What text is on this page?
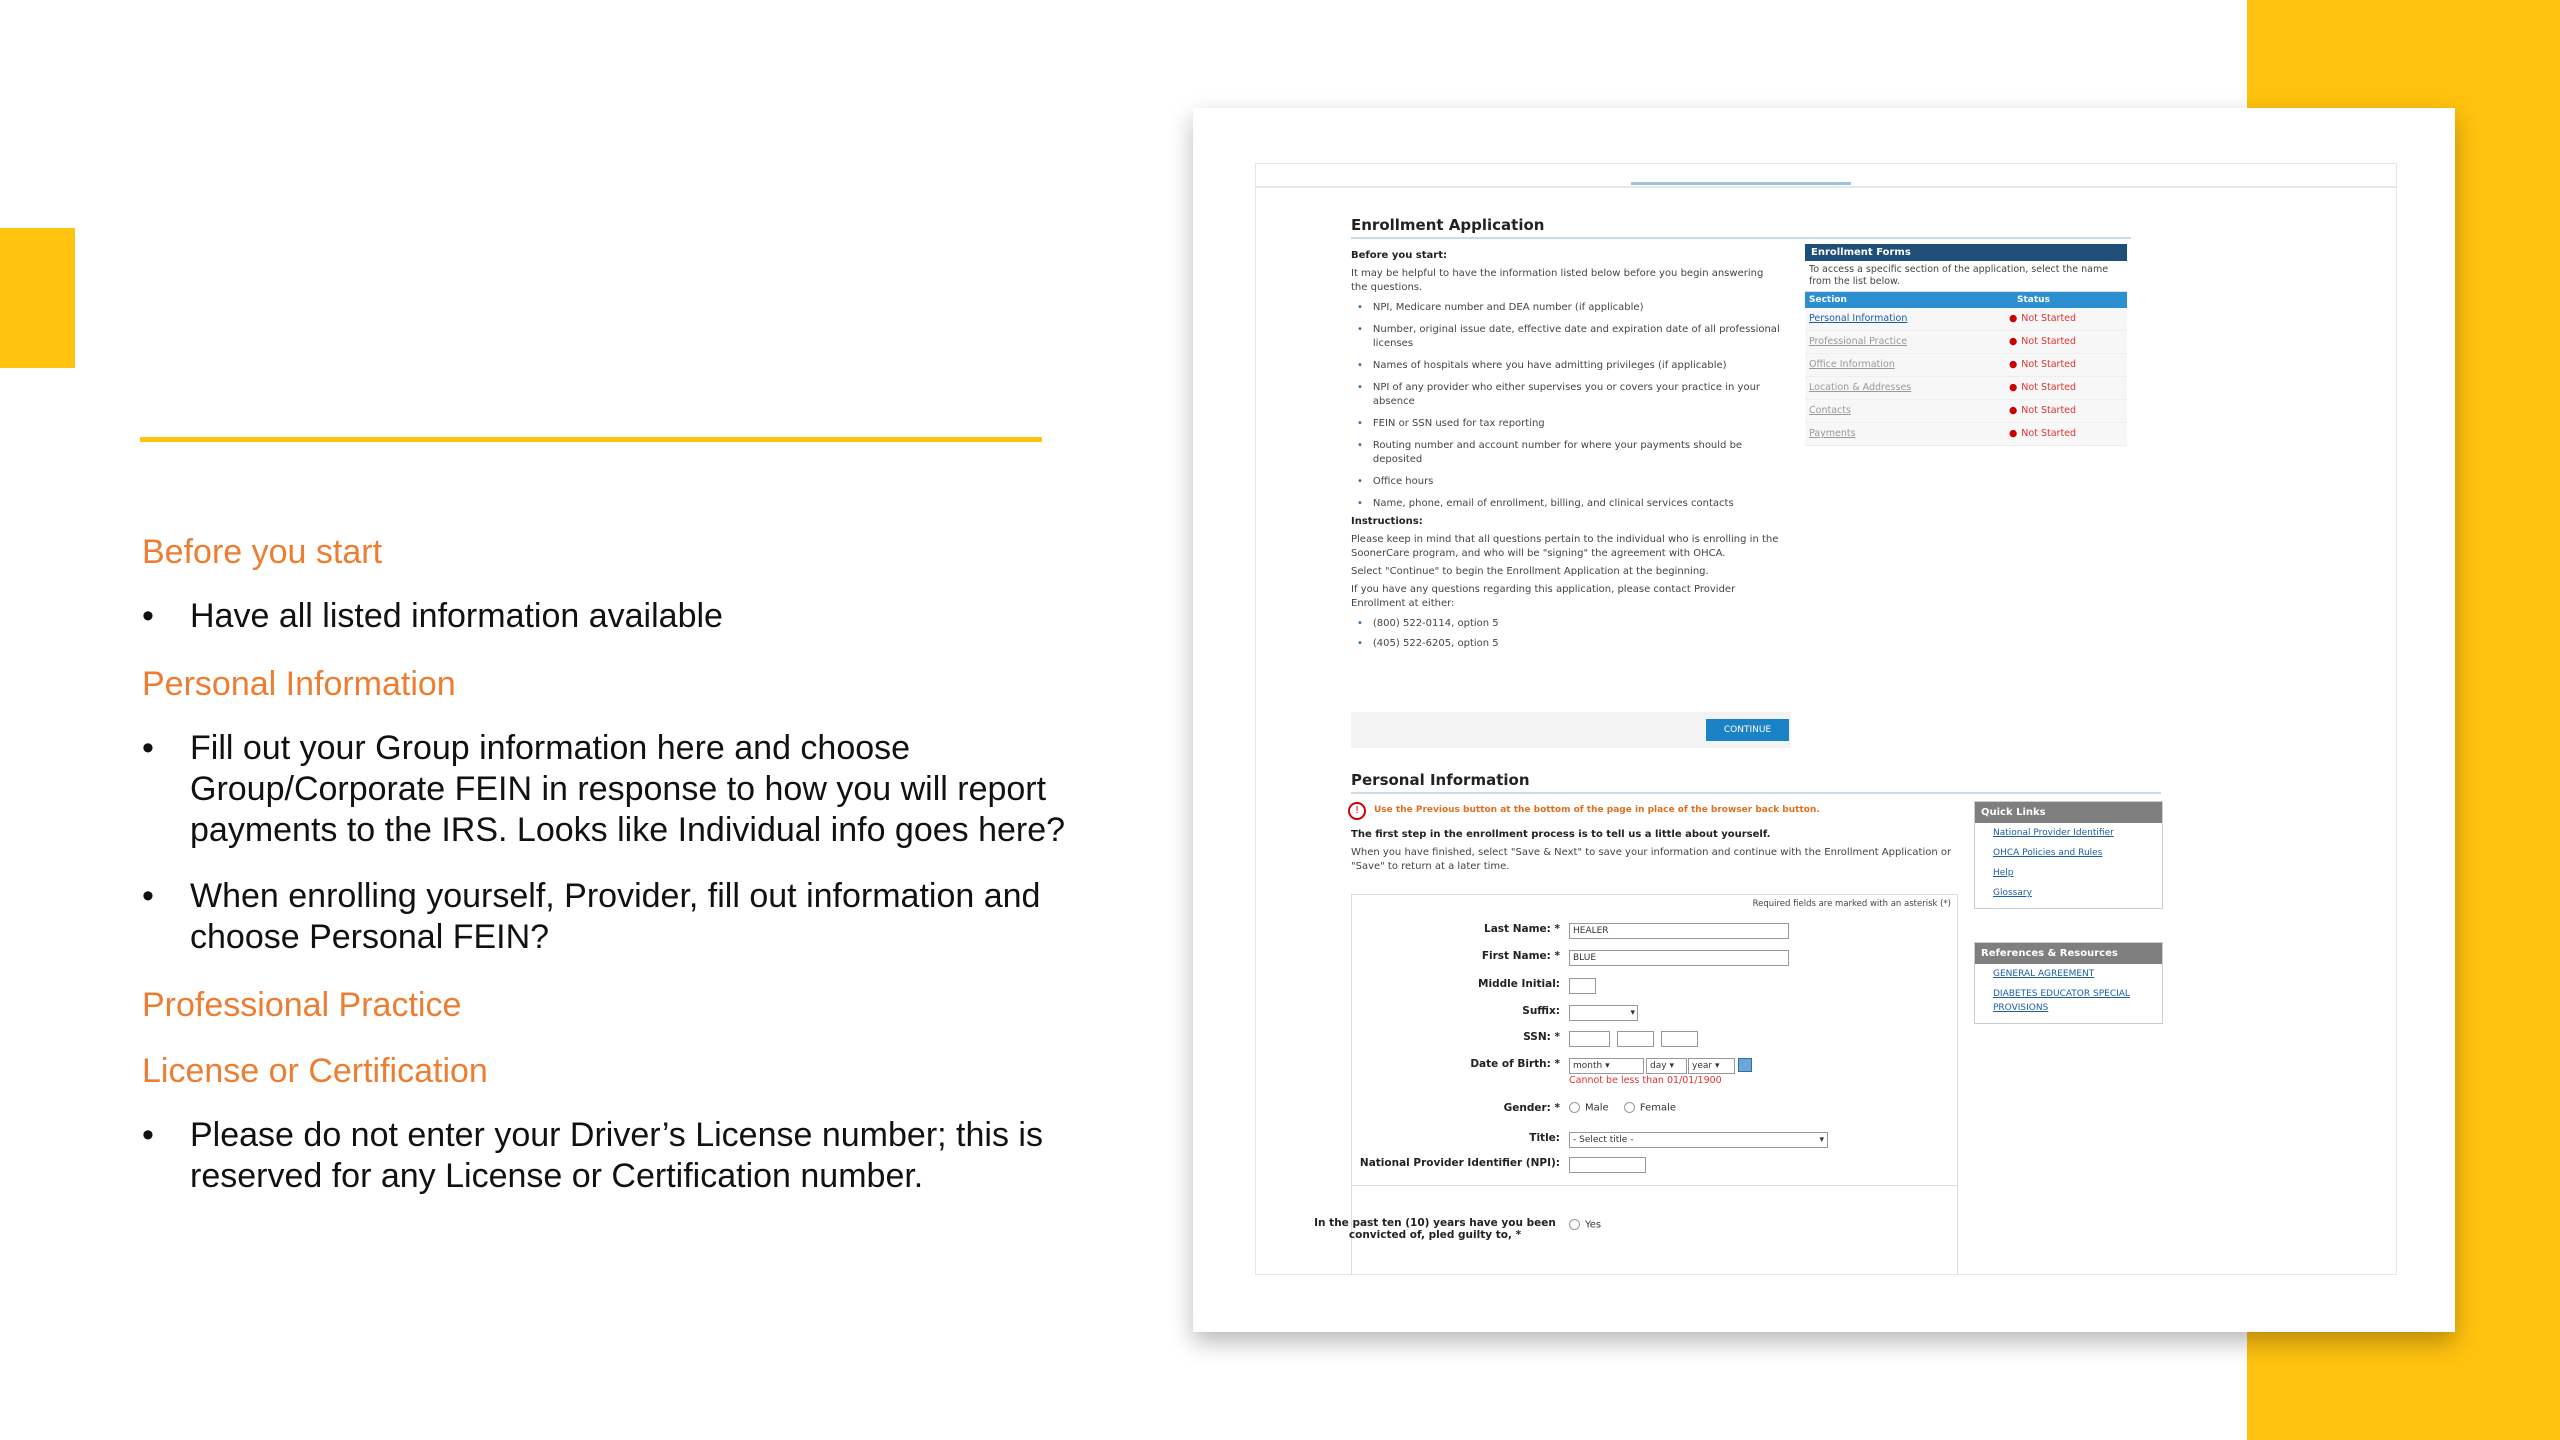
Before you start
•	Have all listed information available
Personal Information
•	Fill out your Group information here and choose Group/Corporate FEIN in response to how you will report payments to the IRS. Looks like Individual info goes here?
•	When enrolling yourself, Provider, fill out information and choose Personal FEIN?
Professional Practice
License or Certification
•	Please do not enter your Driver’s License number; this is reserved for any License or Certification number.
Enrollment Application
Before you start:
It may be helpful to have the information listed below before you begin answering the questions.
• NPI, Medicare number and DEA number (if applicable)
• Number, original issue date, effective date and expiration date of all professional licenses
• Names of hospitals where you have admitting privileges (if applicable)
• NPI of any provider who either supervises you or covers your practice in your absence
• FEIN or SSN used for tax reporting
• Routing number and account number for where your payments should be deposited
• Office hours
• Name, phone, email of enrollment, billing, and clinical services contacts
Instructions:
Please keep in mind that all questions pertain to the individual who is enrolling in the SoonerCare program, and who will be "signing" the agreement with OHCA.
Select "Continue" to begin the Enrollment Application at the beginning.
If you have any questions regarding this application, please contact Provider Enrollment at either:
• (800) 522-0114, option 5
• (405) 522-6205, option 5
CONTINUE
Enrollment Forms
To access a specific section of the application, select the name from the list below.
Section	Status
Personal Information	● Not Started
Professional Practice	● Not Started
Office Information	● Not Started
Location & Addresses	● Not Started
Contacts	● Not Started
Payments	● Not Started
Personal Information
!	Use the Previous button at the bottom of the page in place of the browser back button.
The first step in the enrollment process is to tell us a little about yourself.
When you have finished, select "Save & Next" to save your information and continue with the Enrollment Application or "Save" to return at a later time.
Required fields are marked with an asterisk (*)
Last Name: *	HEALER
First Name: *	BLUE
Middle Initial:
Suffix:	▾
SSN: *
Date of Birth: *	month ▾	day ▾	year ▾
Cannot be less than 01/01/1900
Gender: *	Male	Female
Title:	- Select title -	▾
National Provider Identifier (NPI):
In the past ten (10) years have you been convicted of, pled guilty to, *
Yes
Quick Links
National Provider Identifier
OHCA Policies and Rules
Help
Glossary
References & Resources
GENERAL AGREEMENT
DIABETES EDUCATOR SPECIAL PROVISIONS
